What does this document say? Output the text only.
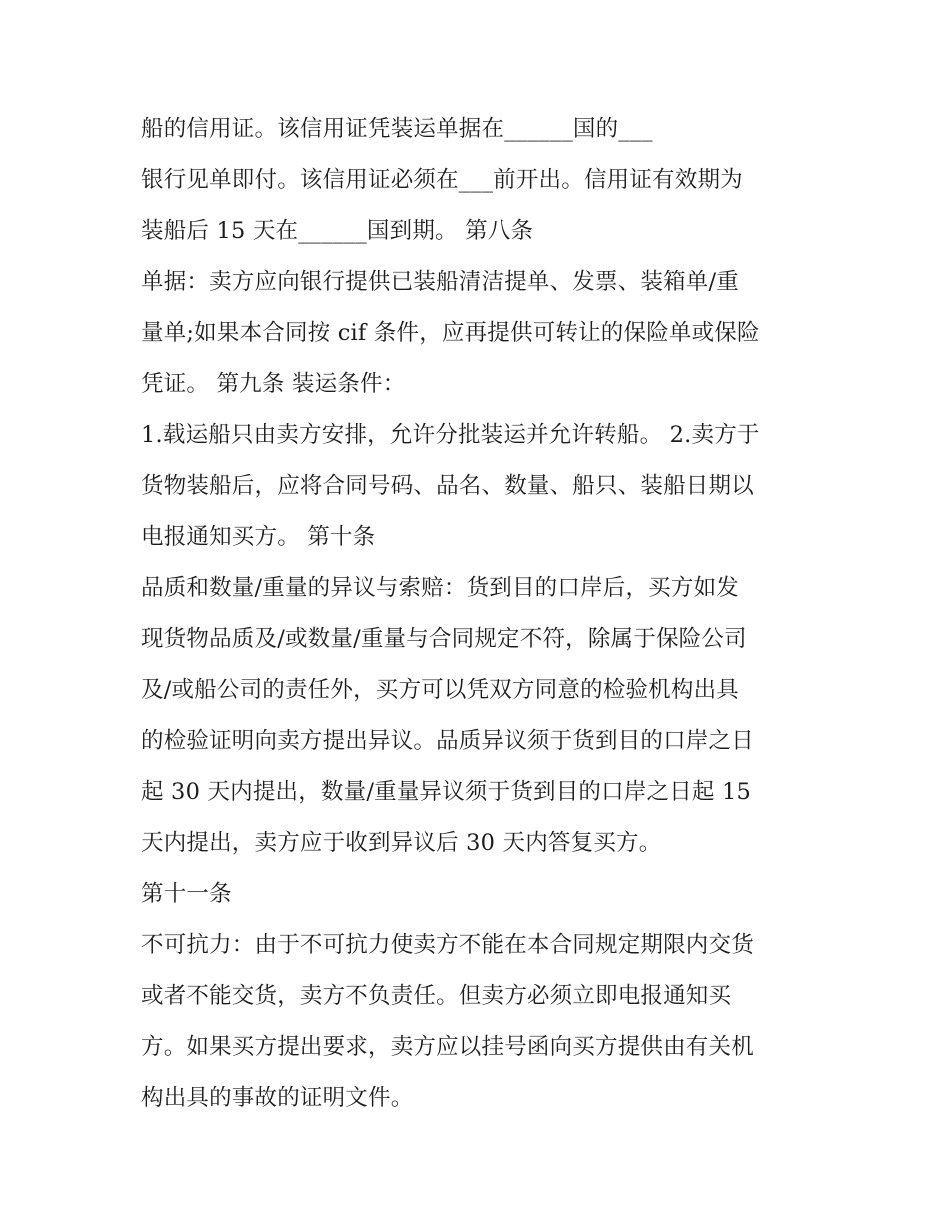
船的信用证。该信用证凭装运单据在______国的___
银行见单即付。该信用证必须在___前开出。信用证有效期为
装船后 15 天在______国到期。 第八条
单据：卖方应向银行提供已装船清洁提单、发票、装箱单/重
量单;如果本合同按 cif 条件，应再提供可转让的保险单或保险
凭证。 第九条 装运条件：
1.载运船只由卖方安排，允许分批装运并允许转船。 2.卖方于
货物装船后，应将合同号码、品名、数量、船只、装船日期以
电报通知买方。 第十条
品质和数量/重量的异议与索赔：货到目的口岸后，买方如发
现货物品质及/或数量/重量与合同规定不符，除属于保险公司
及/或船公司的责任外，买方可以凭双方同意的检验机构出具
的检验证明向卖方提出异议。品质异议须于货到目的口岸之日
起 30 天内提出，数量/重量异议须于货到目的口岸之日起 15
天内提出，卖方应于收到异议后 30 天内答复买方。
第十一条
不可抗力：由于不可抗力使卖方不能在本合同规定期限内交货
或者不能交货，卖方不负责任。但卖方必须立即电报通知买
方。如果买方提出要求，卖方应以挂号函向买方提供由有关机
构出具的事故的证明文件。
